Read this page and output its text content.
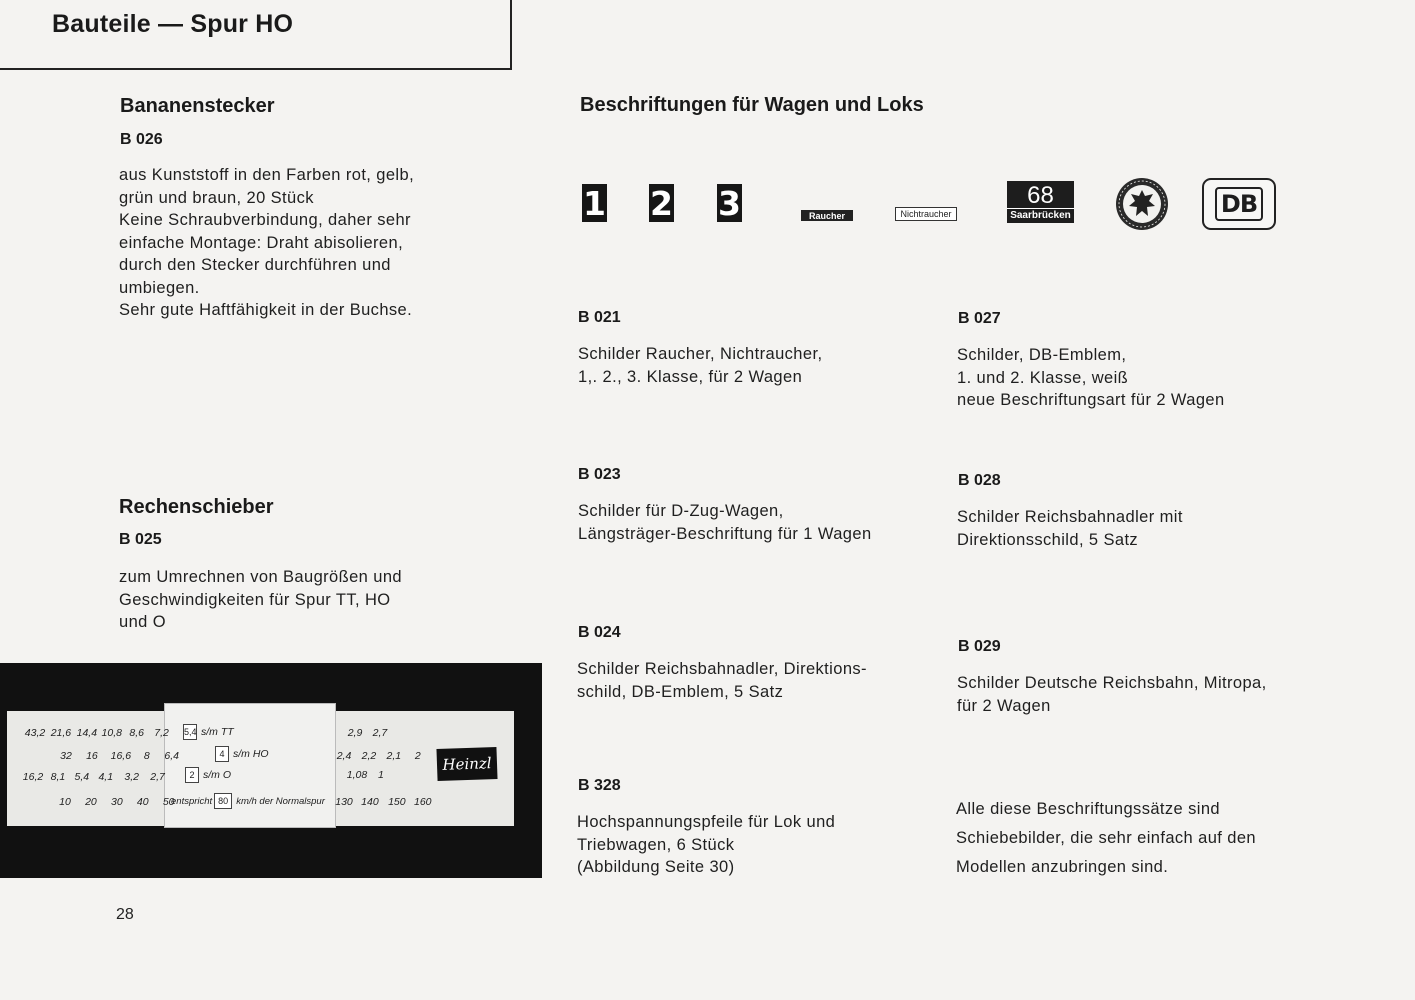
Bauteile — Spur HO
Bananenstecker
B 026
aus Kunststoff in den Farben rot, gelb,
grün und braun, 20 Stück
Keine Schraubverbindung, daher sehr
einfache Montage: Draht abisolieren,
durch den Stecker durchführen und
umbiegen.
Sehr gute Haftfähigkeit in der Buchse.
Rechenschieber
B 025
zum Umrechnen von Baugrößen und
Geschwindigkeiten für Spur TT, HO
und O
43,2 21,6 14,4 10,8 8,6 7,2
32 16 16,6 8 6,4
16,2 8,1 5,4 4,1 3,2 2,7
10 20 30 40 50
5,4 s/m TT
4 s/m HO
2 s/m O
entspricht 80 km/h der Normalspur
2,9 2,7
2,4 2,2 2,1 2
1,08 1
130 140 150 160
Heinzl
Beschriftungen für Wagen und Loks
1 2 3	Raucher	Nichtraucher
68
Saarbrücken	DB
B 021
Schilder Raucher, Nichtraucher,
1,. 2., 3. Klasse, für 2 Wagen
B 023
Schilder für D-Zug-Wagen,
Längsträger-Beschriftung für 1 Wagen
B 024
Schilder Reichsbahnadler, Direktions-
schild, DB-Emblem, 5 Satz
B 328
Hochspannungspfeile für Lok und
Triebwagen, 6 Stück
(Abbildung Seite 30)
B 027
Schilder, DB-Emblem,
1. und 2. Klasse, weiß
neue Beschriftungsart für 2 Wagen
B 028
Schilder Reichsbahnadler mit
Direktionsschild, 5 Satz
B 029
Schilder Deutsche Reichsbahn, Mitropa,
für 2 Wagen
Alle diese Beschriftungssätze sind
Schiebebilder, die sehr einfach auf den
Modellen anzubringen sind.
28
